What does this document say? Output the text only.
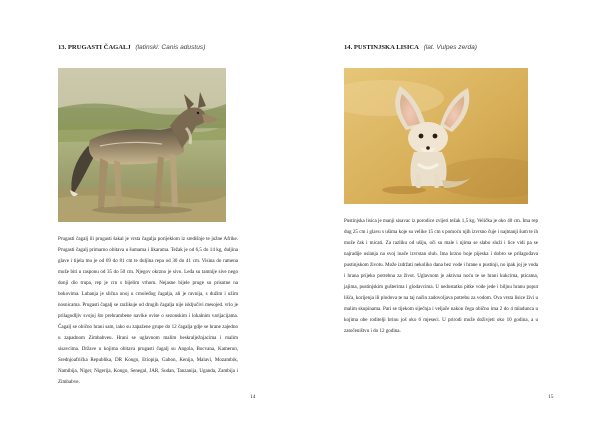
13. PRUGASTI ČAGALJ (latinski: Canis adustus)

Prugasti čagalj ili prugasti šakal je vrsta čagalja porijeklom iz središnje te južne Afrike. Prugasti čagalj primarno obitava u šumama i likarama. Težak je od 6,5 do 14 kg, duljina glave i tijela mu je od 69 do 81 cm te duljina repa od 30 do 41 cm. Visina do ramena može biti u rasponu od 35 do 50 cm. Njegov okrzno je sivo. Leđa su tamnije sive nego donji dio trupa, rep je crn s bijelim vrhom. Nejasne bijele pruge su prisutne na bokovima. Lubanja je slična onoj u crnoleđog čagalja, ali je ravnija, s dužim i užim nosnicama. Prugasti čagalj se razlikuje od drugih čagalja nije isključivi mesojed. vrlo je prilagodljiv svojoj što prehrambene navike ovise o sezonskim i lokalnim varijacijama. Čagalj se obično hrani sam, iako su zapažene grupe do 12 čagalja gdje se hrane zajedno u zapadnom Zimbabveu. Hrani se uglavnom malim beskralježnjacima i malim sisavcima. Države u kojima obitava prugasti čagalj su Angola, Bocvana, Kamerun, Srednjoafrička Republika, DR Kongo, Etiopija, Gabon, Kenija, Malavi, Mozambik, Namibija, Niger, Nigerija, Kongo, Senegal, JAR, Sudan, Tanzanija, Uganda, Zambija i Zimbabve.

14
14. PUSTINJSKA LISICA (lat. Vulpes zerda)

Pustinjska lisica je manji sisavac iz porodice zvijeri težak 1,5 kg. Velička je oko 40 cm. Ima rep dug 25 cm i glavu s ušima koje su velike 15 cm s pomoću njih izvrsno čuje i najmanji šum te ih može čak i micati. Za razliku od ušiju, oči su male i njima se slabo služi i lice vidi pa se najradije oslanja na svoj inače izvrstan sluh. Ima krzno boje pijeska i dobro se prilagođava pustinjskom životu. Može izdržati nekoliko dana bez vode i hrane u pustinji, no ipak joj je voda i hrana prijeko potrebna za život. Uglavnom je aktivna noću te se hrani kukcima, pticama, jajima, pustinjskim gušterima i glodavcima. U nedostatku pitke vode jede i biljnu hranu poput lišća, korijenja ili plodova te na taj način zadovoljava potrebu za vodom. Ova vrsta lisice živi u malim skupinama. Pari se tijekom siječnja i veljače nakon čega obično ima 2 do 4 mladunca u kojima obe roditelji brinu još oko 6 mjeseci. U prirodi može doživjeti oko 10 godina, a u zatočeništvu i do 12 godina.

15
